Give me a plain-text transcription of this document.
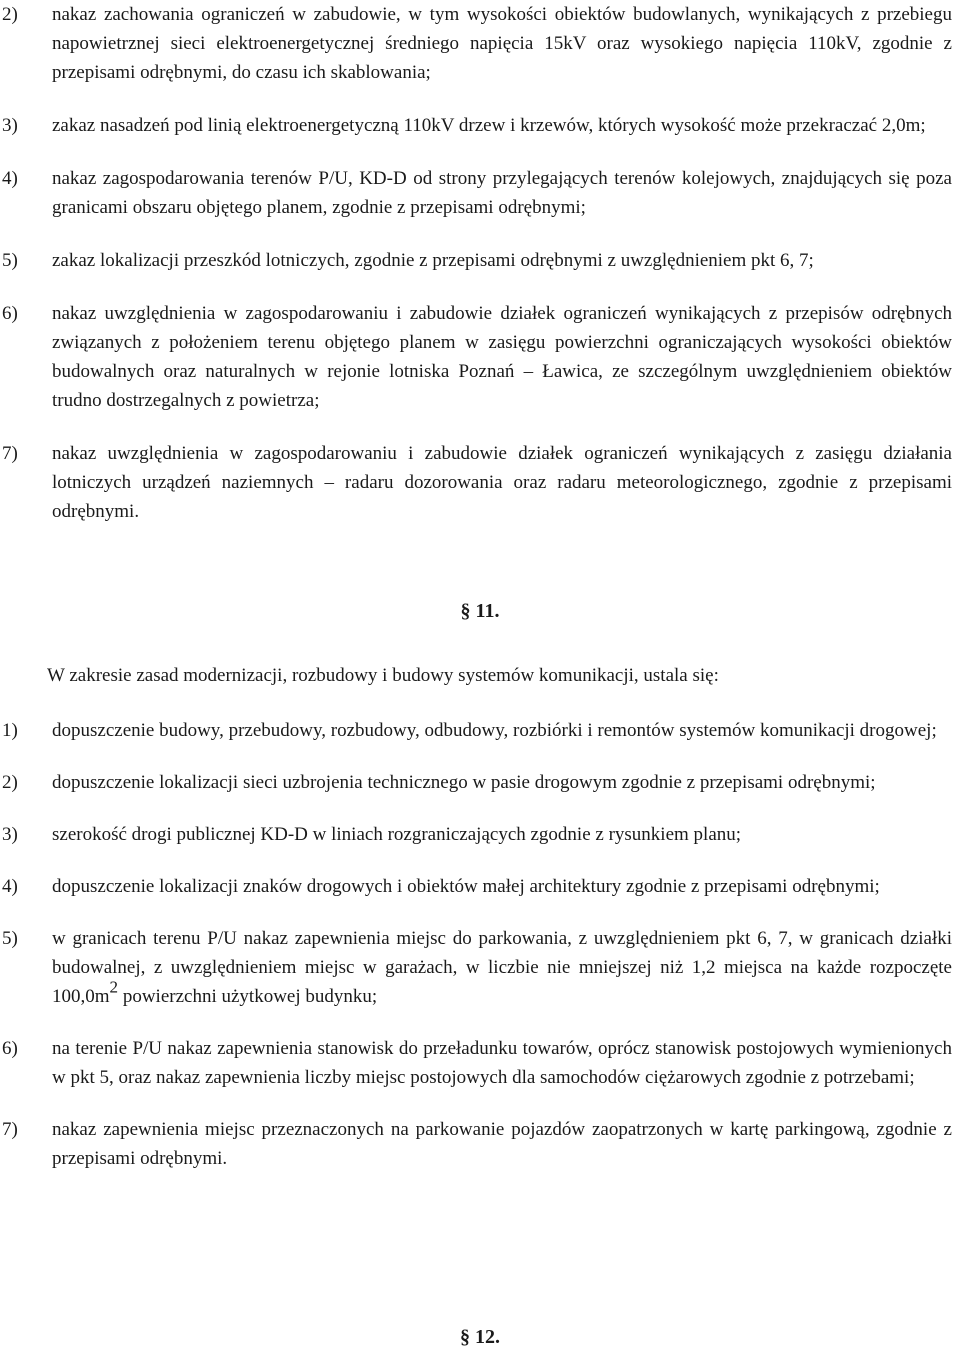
2) nakaz zachowania ograniczeń w zabudowie, w tym wysokości obiektów budowlanych, wynikających z przebiegu napowietrznej sieci elektroenergetycznej średniego napięcia 15kV oraz wysokiego napięcia 110kV, zgodnie z przepisami odrębnymi, do czasu ich skablowania;
3) zakaz nasadzeń pod linią elektroenergetyczną 110kV drzew i krzewów, których wysokość może przekraczać 2,0m;
4) nakaz zagospodarowania terenów P/U, KD-D od strony przylegających terenów kolejowych, znajdujących się poza granicami obszaru objętego planem, zgodnie z przepisami odrębnymi;
5) zakaz lokalizacji przeszkód lotniczych, zgodnie z przepisami odrębnymi z uwzględnieniem pkt 6, 7;
6) nakaz uwzględnienia w zagospodarowaniu i zabudowie działek ograniczeń wynikających z przepisów odrębnych związanych z położeniem terenu objętego planem w zasięgu powierzchni ograniczających wysokości obiektów budowalnych oraz naturalnych w rejonie lotniska Poznań – Ławica, ze szczególnym uwzględnieniem obiektów trudno dostrzegalnych z powietrza;
7) nakaz uwzględnienia w zagospodarowaniu i zabudowie działek ograniczeń wynikających z zasięgu działania lotniczych urządzeń naziemnych – radaru dozorowania oraz radaru meteorologicznego, zgodnie z przepisami odrębnymi.
§ 11.
W zakresie zasad modernizacji, rozbudowy i budowy systemów komunikacji, ustala się:
1) dopuszczenie budowy, przebudowy, rozbudowy, odbudowy, rozbiórki i remontów systemów komunikacji drogowej;
2) dopuszczenie lokalizacji sieci uzbrojenia technicznego w pasie drogowym zgodnie z przepisami odrębnymi;
3) szerokość drogi publicznej KD-D w liniach rozgraniczających zgodnie z rysunkiem planu;
4) dopuszczenie lokalizacji znaków drogowych i obiektów małej architektury zgodnie z przepisami odrębnymi;
5) w granicach terenu P/U nakaz zapewnienia miejsc do parkowania, z uwzględnieniem pkt 6, 7, w granicach działki budowalnej, z uwzględnieniem miejsc w garażach, w liczbie nie mniejszej niż 1,2 miejsca na każde rozpoczęte $100,0m^2$ powierzchni użytkowej budynku;
6) na terenie P/U nakaz zapewnienia stanowisk do przeładunku towarów, oprócz stanowisk postojowych wymienionych w pkt 5, oraz nakaz zapewnienia liczby miejsc postojowych dla samochodów ciężarowych zgodnie z potrzebami;
7) nakaz zapewnienia miejsc przeznaczonych na parkowanie pojazdów zaopatrzonych w kartę parkingową, zgodnie z przepisami odrębnymi.
§ 12.
